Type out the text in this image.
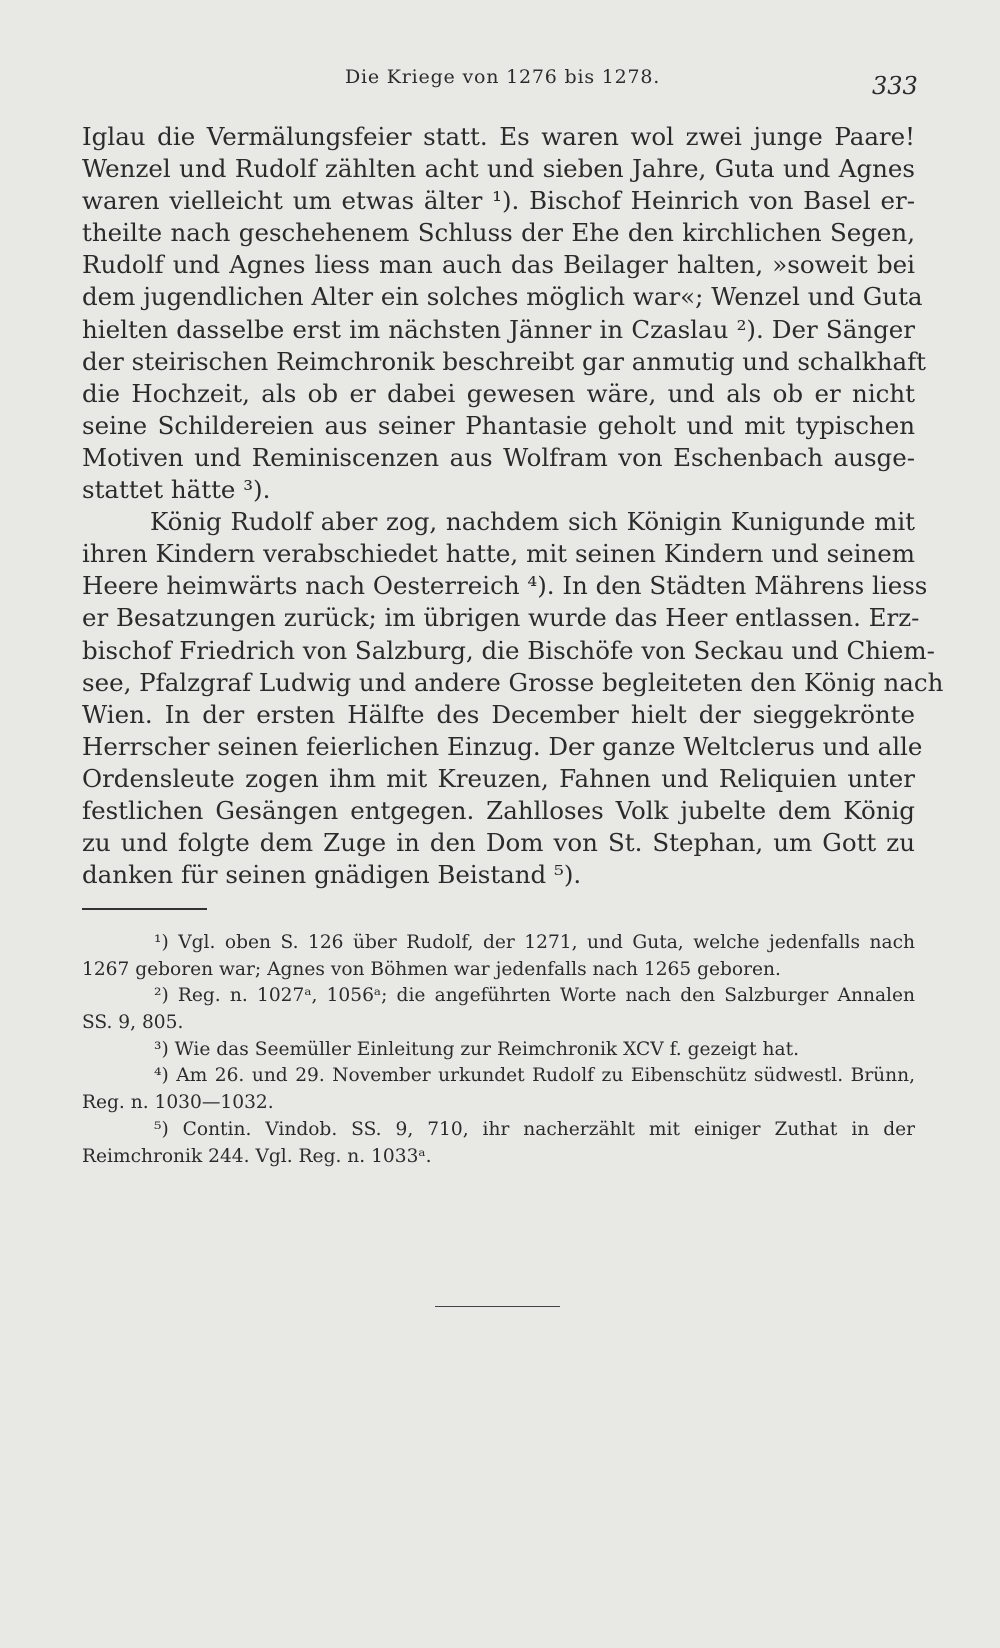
Die Kriege von 1276 bis 1278.	333
Iglau die Vermälungsfeier statt. Es waren wol zwei junge Paare!
Wenzel und Rudolf zählten acht und sieben Jahre, Guta und Agnes
waren vielleicht um etwas älter ¹). Bischof Heinrich von Basel er-
theilte nach geschehenem Schluss der Ehe den kirchlichen Segen,
Rudolf und Agnes liess man auch das Beilager halten, »soweit bei
dem jugendlichen Alter ein solches möglich war«; Wenzel und Guta
hielten dasselbe erst im nächsten Jänner in Czaslau ²). Der Sänger
der steirischen Reimchronik beschreibt gar anmutig und schalkhaft
die Hochzeit, als ob er dabei gewesen wäre, und als ob er nicht
seine Schildereien aus seiner Phantasie geholt und mit typischen
Motiven und Reminiscenzen aus Wolfram von Eschenbach ausge-
stattet hätte ³).
König Rudolf aber zog, nachdem sich Königin Kunigunde mit
ihren Kindern verabschiedet hatte, mit seinen Kindern und seinem
Heere heimwärts nach Oesterreich ⁴). In den Städten Mährens liess
er Besatzungen zurück; im übrigen wurde das Heer entlassen. Erz-
bischof Friedrich von Salzburg, die Bischöfe von Seckau und Chiem-
see, Pfalzgraf Ludwig und andere Grosse begleiteten den König nach
Wien. In der ersten Hälfte des December hielt der sieggekrönte
Herrscher seinen feierlichen Einzug. Der ganze Weltclerus und alle
Ordensleute zogen ihm mit Kreuzen, Fahnen und Reliquien unter
festlichen Gesängen entgegen. Zahlloses Volk jubelte dem König
zu und folgte dem Zuge in den Dom von St. Stephan, um Gott zu
danken für seinen gnädigen Beistand ⁵).
¹) Vgl. oben S. 126 über Rudolf, der 1271, und Guta, welche jedenfalls nach
1267 geboren war; Agnes von Böhmen war jedenfalls nach 1265 geboren.
²) Reg. n. 1027ᵃ, 1056ᵃ; die angeführten Worte nach den Salzburger Annalen
SS. 9, 805.
³) Wie das Seemüller Einleitung zur Reimchronik XCV f. gezeigt hat.
⁴) Am 26. und 29. November urkundet Rudolf zu Eibenschütz südwestl. Brünn,
Reg. n. 1030—1032.
⁵) Contin. Vindob. SS. 9, 710, ihr nacherzählt mit einiger Zuthat in der
Reimchronik 244. Vgl. Reg. n. 1033ᵃ.
